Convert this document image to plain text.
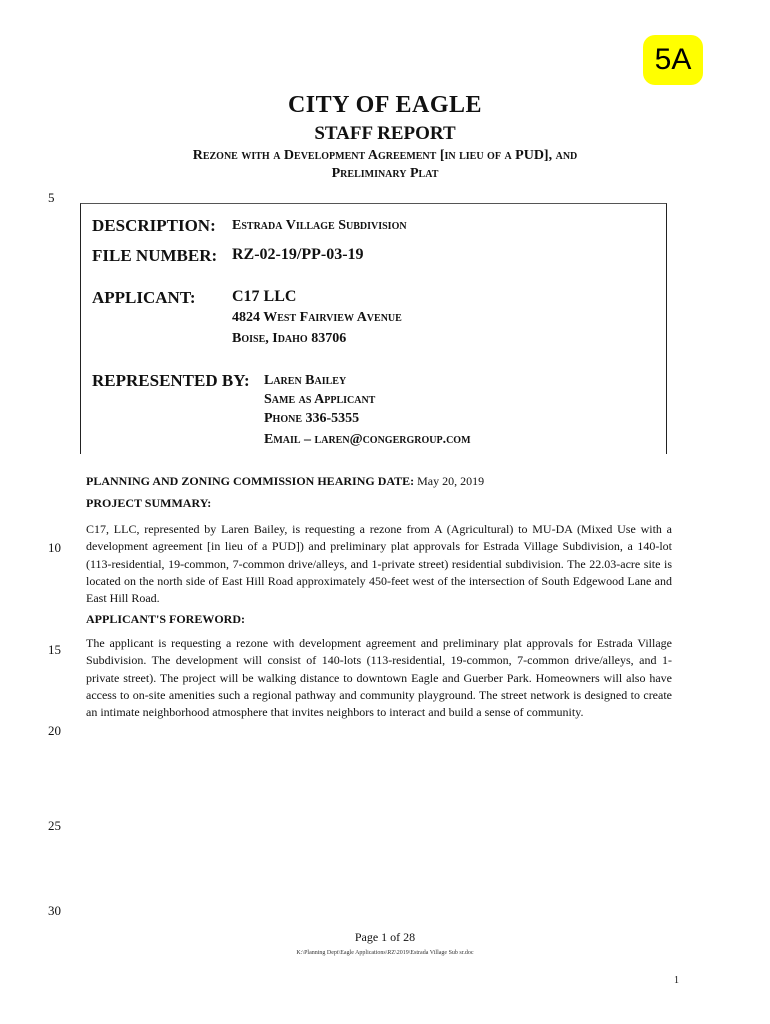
5A
CITY OF EAGLE
STAFF REPORT
Rezone with a Development Agreement [in lieu of a PUD], and
Preliminary Plat
5
10
15
20
25
30
DESCRIPTION: Estrada Village Subdivision
FILE NUMBER: RZ-02-19/PP-03-19
APPLICANT: C17 LLC
4824 West Fairview Avenue
Boise, Idaho 83706
REPRESENTED BY: Laren Bailey
Same as Applicant
Phone 336-5355
Email – laren@congergroup.com
PLANNING AND ZONING COMMISSION HEARING DATE: May 20, 2019
PROJECT SUMMARY:
C17, LLC, represented by Laren Bailey, is requesting a rezone from A (Agricultural) to MU-DA (Mixed Use with a development agreement [in lieu of a PUD]) and preliminary plat approvals for Estrada Village Subdivision, a 140-lot (113-residential, 19-common, 7-common drive/alleys, and 1-private street) residential subdivision. The 22.03-acre site is located on the north side of East Hill Road approximately 450-feet west of the intersection of South Edgewood Lane and East Hill Road.
APPLICANT'S FOREWORD:
The applicant is requesting a rezone with development agreement and preliminary plat approvals for Estrada Village Subdivision. The development will consist of 140-lots (113-residential, 19-common, 7-common drive/alleys, and 1-private street). The project will be walking distance to downtown Eagle and Guerber Park. Homeowners will also have access to on-site amenities such a regional pathway and community playground. The street network is designed to create an intimate neighborhood atmosphere that invites neighbors to interact and build a sense of community.
Page 1 of 28
K:\Planning Dept\Eagle Applications\RZ\2019\Estrada Village Sub sr.doc
1
